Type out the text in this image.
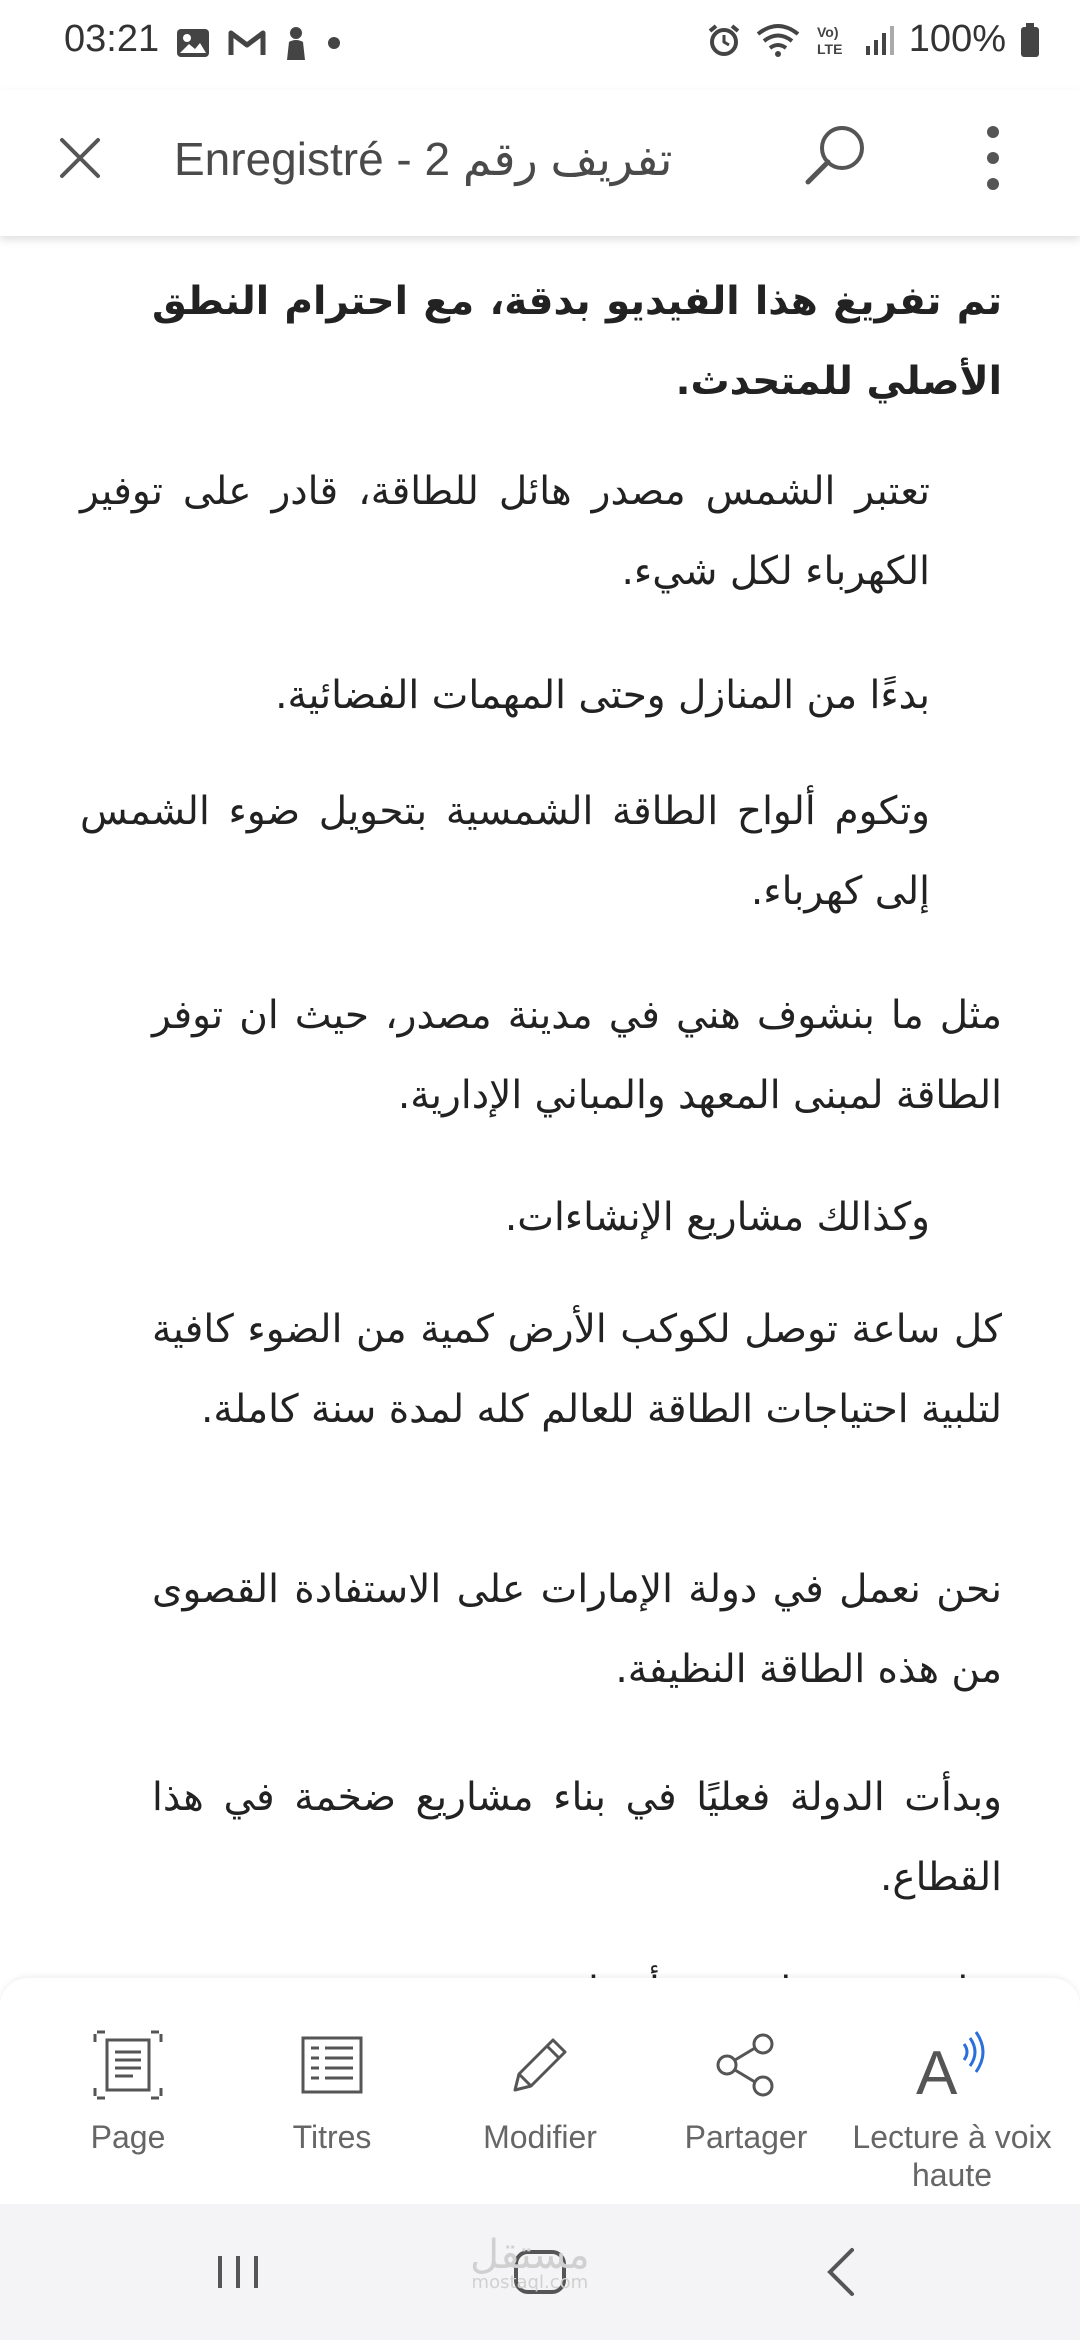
03:21	Vo)
LTE 100%
Enregistré - 2 تفريف رقم

تم تفريغ هذا الفيديو بدقة، مع احترام النطق الأصلي للمتحدث.

تعتبر الشمس مصدر هائل للطاقة، قادر على توفير الكهرباء لكل شيء.

بدءًا من المنازل وحتى المهمات الفضائية.

وتكوم ألواح الطاقة الشمسية بتحويل ضوء الشمس إلى كهرباء.

مثل ما بنشوف هني في مدينة مصدر، حيث ان توفر الطاقة لمبنى المعهد والمباني الإدارية.

وكذالك مشاريع الإنشاءات.

كل ساعة توصل لكوكب الأرض كمية من الضوء كافية لتلبية احتياجات الطاقة للعالم كله لمدة سنة كاملة.

نحن نعمل في دولة الإمارات على الاستفادة القصوى من هذه الطاقة النظيفة.

وبدأت الدولة فعليًا في بناء مشاريع ضخمة في هذا القطاع.

Page	Titres	Modifier	Partager
A
Lecture à voix haute
مستقل
mostaql.com
